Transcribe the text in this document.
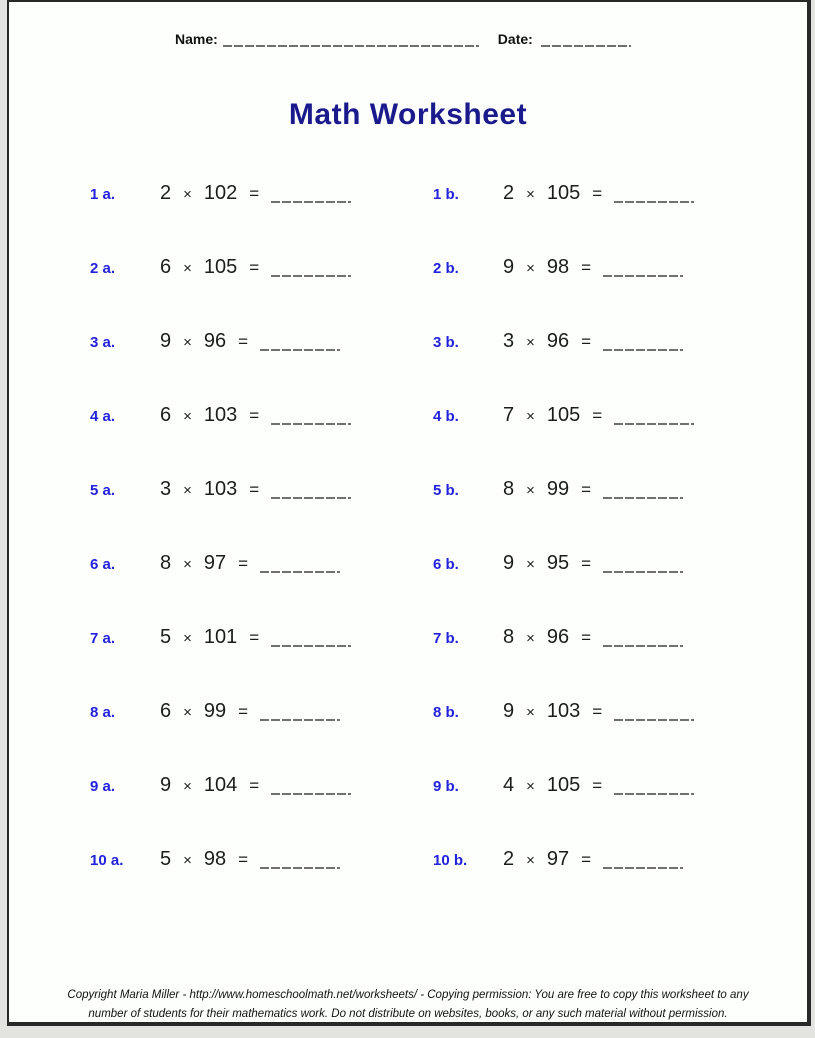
Name:	Date:
Math Worksheet
1 a.	2 × 102 =	1 b.	2 × 105 =
2 a.	6 × 105 =	2 b.	9 × 98 =
3 a.	9 × 96 =	3 b.	3 × 96 =
4 a.	6 × 103 =	4 b.	7 × 105 =
5 a.	3 × 103 =	5 b.	8 × 99 =
6 a.	8 × 97 =	6 b.	9 × 95 =
7 a.	5 × 101 =	7 b.	8 × 96 =
8 a.	6 × 99 =	8 b.	9 × 103 =
9 a.	9 × 104 =	9 b.	4 × 105 =
10 a.	5 × 98 =	10 b.	2 × 97 =
Copyright Maria Miller - http://www.homeschoolmath.net/worksheets/ - Copying permission: You are free to copy this worksheet to any
number of students for their mathematics work. Do not distribute on websites, books, or any such material without permission.
